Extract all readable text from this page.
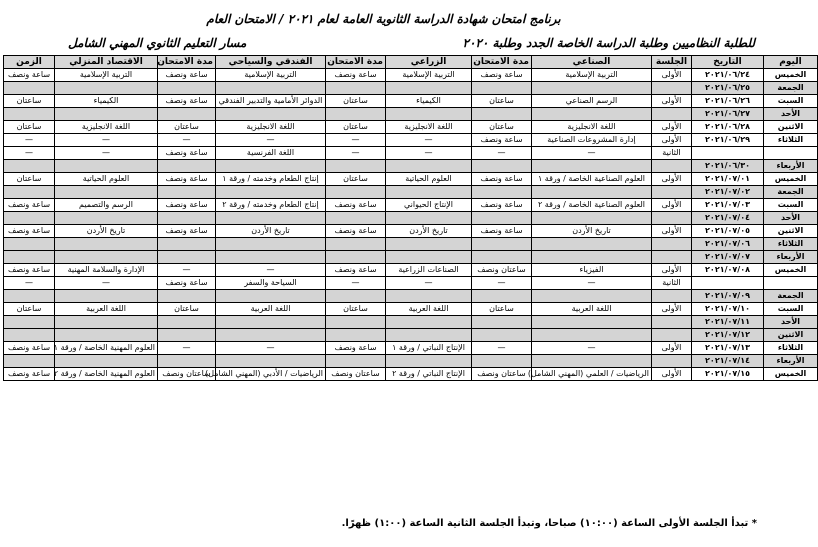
برنامج امتحان شهادة الدراسة الثانوية العامة لعام ٢٠٢١ / الامتحان العام
للطلبة النظاميين وطلبة الدراسة الخاصة الجدد وطلبة ٢٠٢٠
مسار التعليم الثانوي المهني الشامل
اليوم	التاريخ	الجلسة	الصناعي	مدة الامتحان	الزراعي	مدة الامتحان	الفندقي والسياحي	مدة الامتحان	الاقتصاد المنزلي	الزمن
الخميس	٢٠٢١/٠٦/٢٤	الأولى	التربية الإسلامية	ساعة ونصف	التربية الإسلامية	ساعة ونصف	التربية الإسلامية	ساعة ونصف	التربية الإسلامية	ساعة ونصف
الجمعة	٢٠٢١/٠٦/٢٥									
السبت	٢٠٢١/٠٦/٢٦	الأولى	الرسم الصناعي	ساعتان	الكيمياء	ساعتان	الدوائر الأمامية والتدبير الفندقي	ساعة ونصف	الكيمياء	ساعتان
الأحد	٢٠٢١/٠٦/٢٧									
الاثنين	٢٠٢١/٠٦/٢٨	الأولى	اللغة الانجليزية	ساعتان	اللغة الانجليزية	ساعتان	اللغة الانجليزية	ساعتان	اللغة الانجليزية	ساعتان
الثلاثاء	٢٠٢١/٠٦/٢٩	الأولى	إدارة المشروعات الصناعية	ساعة ونصف	—	—	—	—	—	—
		الثانية	—	—	—	—	اللغة الفرنسية	ساعة ونصف	—	—
الأربعاء	٢٠٢١/٠٦/٣٠									
الخميس	٢٠٢١/٠٧/٠١	الأولى	العلوم الصناعية الخاصة / ورقة ١	ساعة ونصف	العلوم الحياتية	ساعتان	إنتاج الطعام وخدمته / ورقة ١	ساعة ونصف	العلوم الحياتية	ساعتان
الجمعة	٢٠٢١/٠٧/٠٢									
السبت	٢٠٢١/٠٧/٠٣	الأولى	العلوم الصناعية الخاصة / ورقة ٢	ساعة ونصف	الإنتاج الحيواني	ساعة ونصف	إنتاج الطعام وخدمته / ورقة ٢	ساعة ونصف	الرسم والتصميم	ساعة ونصف
الأحد	٢٠٢١/٠٧/٠٤									
الاثنين	٢٠٢١/٠٧/٠٥	الأولى	تاريخ الأردن	ساعة ونصف	تاريخ الأردن	ساعة ونصف	تاريخ الأردن	ساعة ونصف	تاريخ الأردن	ساعة ونصف
الثلاثاء	٢٠٢١/٠٧/٠٦									
الأربعاء	٢٠٢١/٠٧/٠٧									
الخميس	٢٠٢١/٠٧/٠٨	الأولى	الفيزياء	ساعتان ونصف	الصناعات الزراعية	ساعة ونصف	—	—	الإدارة والسلامة المهنية	ساعة ونصف
		الثانية	—	—	—	—	السياحة والسفر	ساعة ونصف	—	—
الجمعة	٢٠٢١/٠٧/٠٩									
السبت	٢٠٢١/٠٧/١٠	الأولى	اللغة العربية	ساعتان	اللغة العربية	ساعتان	اللغة العربية	ساعتان	اللغة العربية	ساعتان
الأحد	٢٠٢١/٠٧/١١									
الاثنين	٢٠٢١/٠٧/١٢									
الثلاثاء	٢٠٢١/٠٧/١٣	الأولى	—	—	الإنتاج النباتي / ورقة ١	ساعة ونصف	—	—	العلوم المهنية الخاصة / ورقة ١	ساعة ونصف
الأربعاء	٢٠٢١/٠٧/١٤									
الخميس	٢٠٢١/٠٧/١٥	الأولى	الرياضيات / العلمي (المهني الشامل)	ساعتان ونصف	الإنتاج النباتي / ورقة ٢	ساعتان ونصف	الرياضيات / الأدبي (المهني الشامل)	ساعتان ونصف	العلوم المهنية الخاصة / ورقة ٢	ساعة ونصف
* تبدأ الجلسة الأولى الساعة (١٠:٠٠) صباحا، وتبدأ الجلسة الثانية الساعة (١:٠٠) ظهرًا.
